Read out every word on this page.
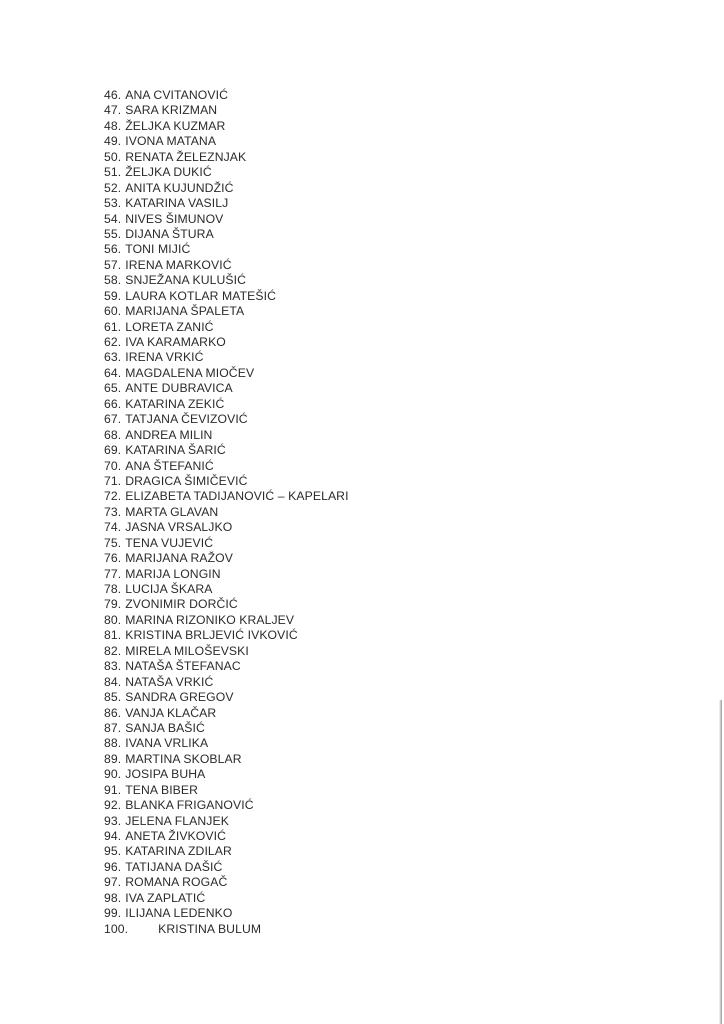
46. ANA CVITANOVIĆ
47. SARA KRIZMAN
48. ŽELJKA KUZMAR
49. IVONA MATANA
50. RENATA ŽELEZNJAK
51. ŽELJKA DUKIĆ
52. ANITA KUJUNDŽIĆ
53. KATARINA VASILJ
54. NIVES ŠIMUNOV
55. DIJANA ŠTURA
56. TONI MIJIĆ
57. IRENA MARKOVIĆ
58. SNJEŽANA KULUŠIĆ
59. LAURA KOTLAR MATEŠIĆ
60. MARIJANA ŠPALETA
61. LORETA ZANIĆ
62. IVA KARAMARKO
63. IRENA VRKIĆ
64. MAGDALENA MIOČEV
65. ANTE DUBRAVICA
66. KATARINA ZEKIĆ
67. TATJANA ČEVIZOVIĆ
68. ANDREA MILIN
69. KATARINA ŠARIĆ
70. ANA ŠTEFANIĆ
71. DRAGICA ŠIMIČEVIĆ
72. ELIZABETA TADIJANOVIĆ – KAPELARI
73. MARTA GLAVAN
74. JASNA VRSALJKO
75. TENA VUJEVIĆ
76. MARIJANA RAŽOV
77. MARIJA LONGIN
78. LUCIJA ŠKARA
79. ZVONIMIR DORČIĆ
80. MARINA RIZONIKO KRALJEV
81. KRISTINA BRLJEVIĆ IVKOVIĆ
82. MIRELA MILOŠEVSKI
83. NATAŠA ŠTEFANAC
84. NATAŠA VRKIĆ
85. SANDRA GREGOV
86. VANJA KLAČAR
87. SANJA BAŠIĆ
88. IVANA VRLIKA
89. MARTINA SKOBLAR
90. JOSIPA BUHA
91. TENA BIBER
92. BLANKA FRIGANOVIĆ
93. JELENA FLANJEK
94. ANETA ŽIVKOVIĆ
95. KATARINA ZDILAR
96. TATIJANA DAŠIĆ
97. ROMANA ROGAČ
98. IVA ZAPLATIĆ
99. ILIJANA LEDENKO
100. KRISTINA BULUM
